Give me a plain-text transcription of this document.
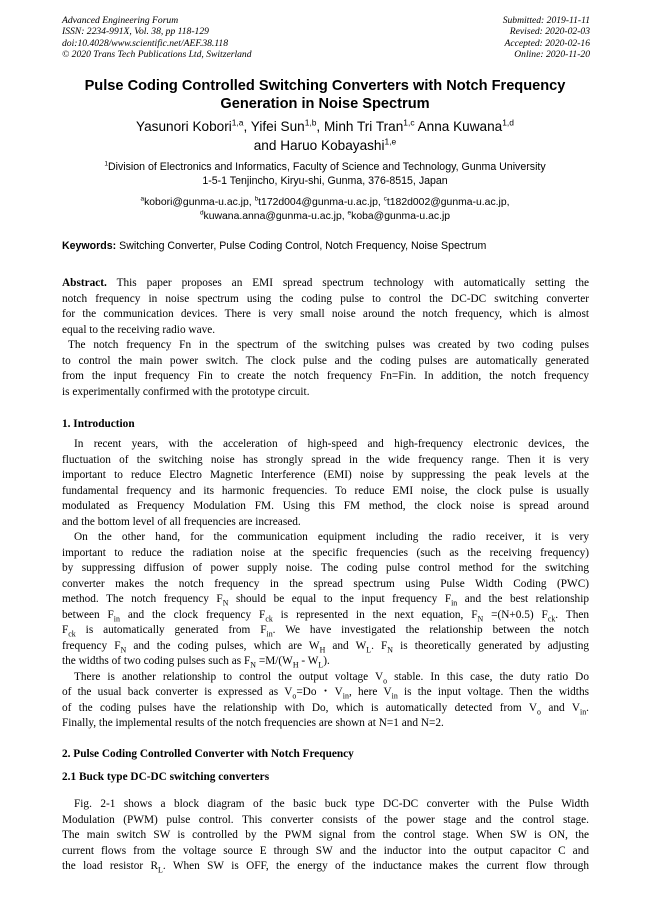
Advanced Engineering Forum
ISSN: 2234-991X, Vol. 38, pp 118-129
doi:10.4028/www.scientific.net/AEF.38.118
© 2020 Trans Tech Publications Ltd, Switzerland
Submitted: 2019-11-11
Revised: 2020-02-03
Accepted: 2020-02-16
Online: 2020-11-20
Pulse Coding Controlled Switching Converters with Notch Frequency
Generation in Noise Spectrum
Yasunori Kobori$^{1,a}$, Yifei Sun$^{1,b}$, Minh Tri Tran$^{1,c}$ Anna Kuwana$^{1,d}$
and Haruo Kobayashi$^{1,e}$
$^1$Division of Electronics and Informatics, Faculty of Science and Technology, Gunma University
1-5-1 Tenjincho, Kiryu-shi, Gunma, 376-8515, Japan
$^a$kobori@gunma-u.ac.jp, $^b$t172d004@gunma-u.ac.jp, $^c$t182d002@gunma-u.ac.jp,
$^d$kuwana.anna@gunma-u.ac.jp, $^e$koba@gunma-u.ac.jp
Keywords: Switching Converter, Pulse Coding Control, Notch Frequency, Noise Spectrum
Abstract. This paper proposes an EMI spread spectrum technology with automatically setting the
notch frequency in noise spectrum using the coding pulse to control the DC-DC switching converter
for the communication devices. There is very small noise around the notch frequency, which is almost
equal to the receiving radio wave.
The notch frequency Fn in the spectrum of the switching pulses was created by two coding pulses
to control the main power switch. The clock pulse and the coding pulses are automatically generated
from the input frequency Fin to create the notch frequency Fn=Fin. In addition, the notch frequency
is experimentally confirmed with the prototype circuit.
1. Introduction
In recent years, with the acceleration of high-speed and high-frequency electronic devices, the
fluctuation of the switching noise has strongly spread in the wide frequency range. Then it is very
important to reduce Electro Magnetic Interference (EMI) noise by suppressing the peak levels at the
fundamental frequency and its harmonic frequencies. To reduce EMI noise, the clock pulse is usually
modulated as Frequency Modulation FM. Using this FM method, the clock noise is spread around
and the bottom level of all frequencies are increased.
On the other hand, for the communication equipment including the radio receiver, it is very
important to reduce the radiation noise at the specific frequencies (such as the receiving frequency)
by suppressing diffusion of power supply noise. The coding pulse control method for the switching
converter makes the notch frequency in the spread spectrum using Pulse Width Coding (PWC)
method. The notch frequency $F_N$ should be equal to the input frequency $F_{in}$ and the best relationship
between $F_{in}$ and the clock frequency $F_{ck}$ is represented in the next equation, $F_N =(N+0.5)$ $F_{ck}$. Then
$F_{ck}$ is automatically generated from $F_{in}$. We have investigated the relationship between the notch
frequency $F_N$ and the coding pulses, which are $W_H$ and $W_L$. $F_N$ is theoretically generated by adjusting
the widths of two coding pulses such as $F_N =M/(W_H - W_L)$.
There is another relationship to control the output voltage $V_o$ stable. In this case, the duty ratio Do
of the usual back converter is expressed as $V_o=Do$・$V_{in}$, here $V_{in}$ is the input voltage. Then the widths
of the coding pulses have the relationship with Do, which is automatically detected from $V_o$ and $V_{in}$.
Finally, the implemental results of the notch frequencies are shown at N=1 and N=2.
2. Pulse Coding Controlled Converter with Notch Frequency
2.1 Buck type DC-DC switching converters
Fig. 2-1 shows a block diagram of the basic buck type DC-DC converter with the Pulse Width
Modulation (PWM) pulse control. This converter consists of the power stage and the control stage.
The main switch SW is controlled by the PWM signal from the control stage. When SW is ON, the
current flows from the voltage source E through SW and the inductor into the output capacitor C and
the load resistor $R_L$. When SW is OFF, the energy of the inductance makes the current flow through
